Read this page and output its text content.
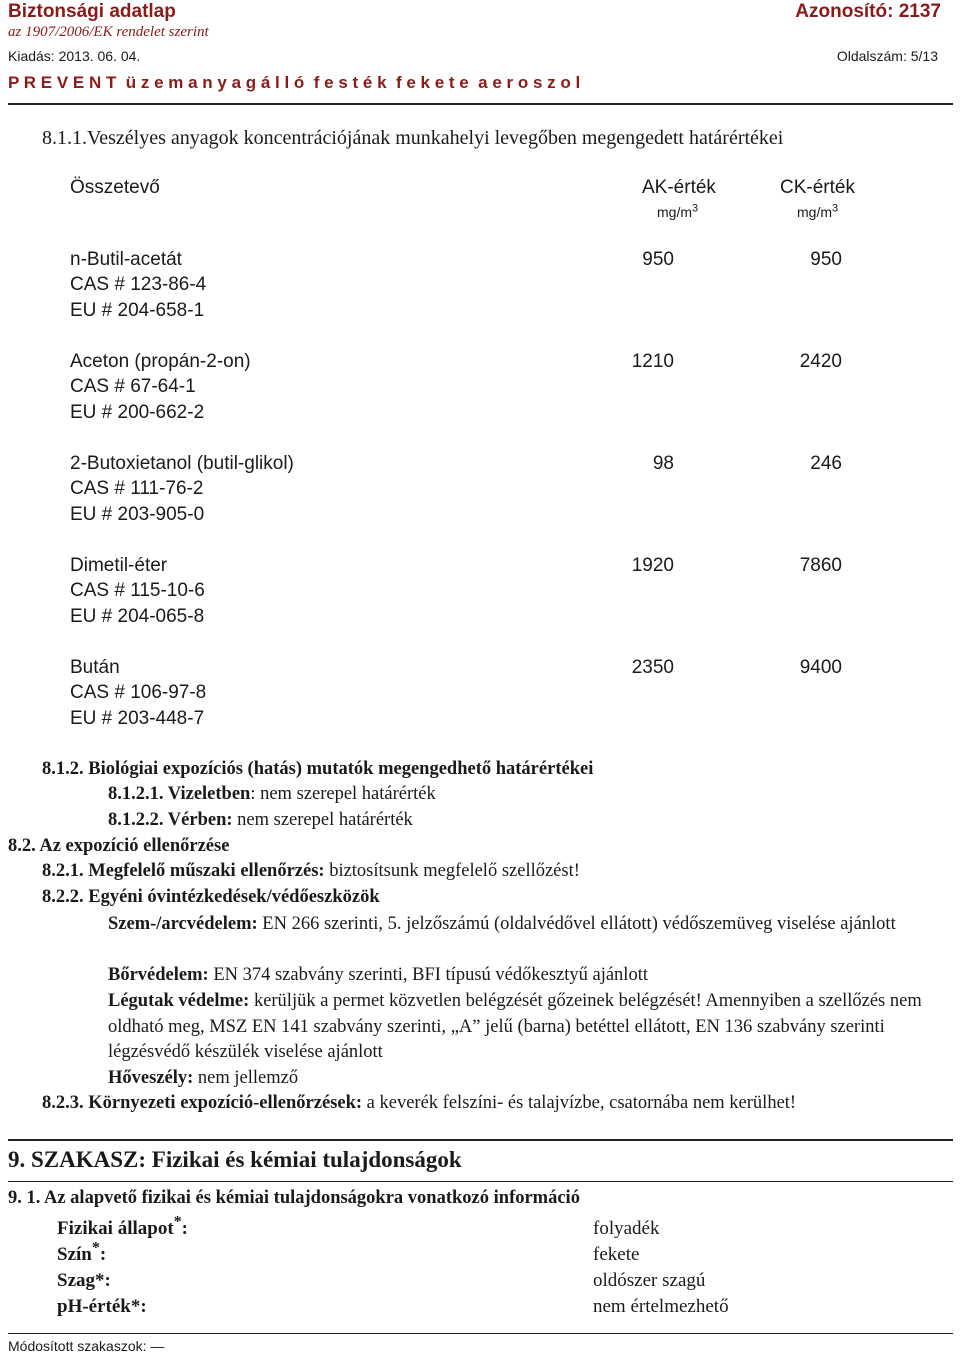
Biztonsági adatlap	Azonosító: 2137
az 1907/2006/EK rendelet szerint
Kiadás: 2013. 06. 04.	Oldalszám: 5/13
P R E V E N T  ü z e m a n y a g á l l ó  f e s t é k  f e k e t e  a e r o s z o l
8.1.1.Veszélyes anyagok koncentrációjának munkahelyi levegőben megengedett határértékei
Összetevő	AK-érték	CK-érték
$mg/m^3$	$mg/m^3$
n-Butil-acetát
CAS # 123-86-4
EU # 204-658-1
950	950
Aceton (propán-2-on)
CAS # 67-64-1
EU # 200-662-2
1210	2420
2-Butoxietanol (butil-glikol)
CAS # 111-76-2
EU # 203-905-0
98	246
Dimetil-éter
CAS # 115-10-6
EU # 204-065-8
1920	7860
Bután
CAS # 106-97-8
EU # 203-448-7
2350	9400
8.1.2. Biológiai expozíciós (hatás) mutatók megengedhető határértékei
8.1.2.1. Vizeletben: nem szerepel határérték
8.1.2.2. Vérben: nem szerepel határérték
8.2. Az expozíció ellenőrzése
8.2.1. Megfelelő műszaki ellenőrzés: biztosítsunk megfelelő szellőzést!
8.2.2. Egyéni óvintézkedések/védőeszközök
Szem-/arcvédelem: EN 266 szerinti, 5. jelzőszámú (oldalvédővel ellátott) védőszemüveg viselése ajánlott
Bőrvédelem: EN 374 szabvány szerinti, BFI típusú védőkesztyű ajánlott
Légutak védelme: kerüljük a permet közvetlen belégzését gőzeinek belégzését! Amennyiben a szellőzés nem oldható meg, MSZ EN 141 szabvány szerinti, „A” jelű (barna) betéttel ellátott, EN 136 szabvány szerinti légzésvédő készülék viselése ajánlott
Hőveszély: nem jellemző
8.2.3. Környezeti expozíció-ellenőrzések: a keverék felszíni- és talajvízbe, csatornába nem kerülhet!
9. SZAKASZ: Fizikai és kémiai tulajdonságok
9. 1. Az alapvető fizikai és kémiai tulajdonságokra vonatkozó információ
Fizikai állapot*:	folyadék
Szín*:	fekete
Szag*:	oldószer szagú
pH-érték*:	nem értelmezhető
Módosított szakaszok: —
